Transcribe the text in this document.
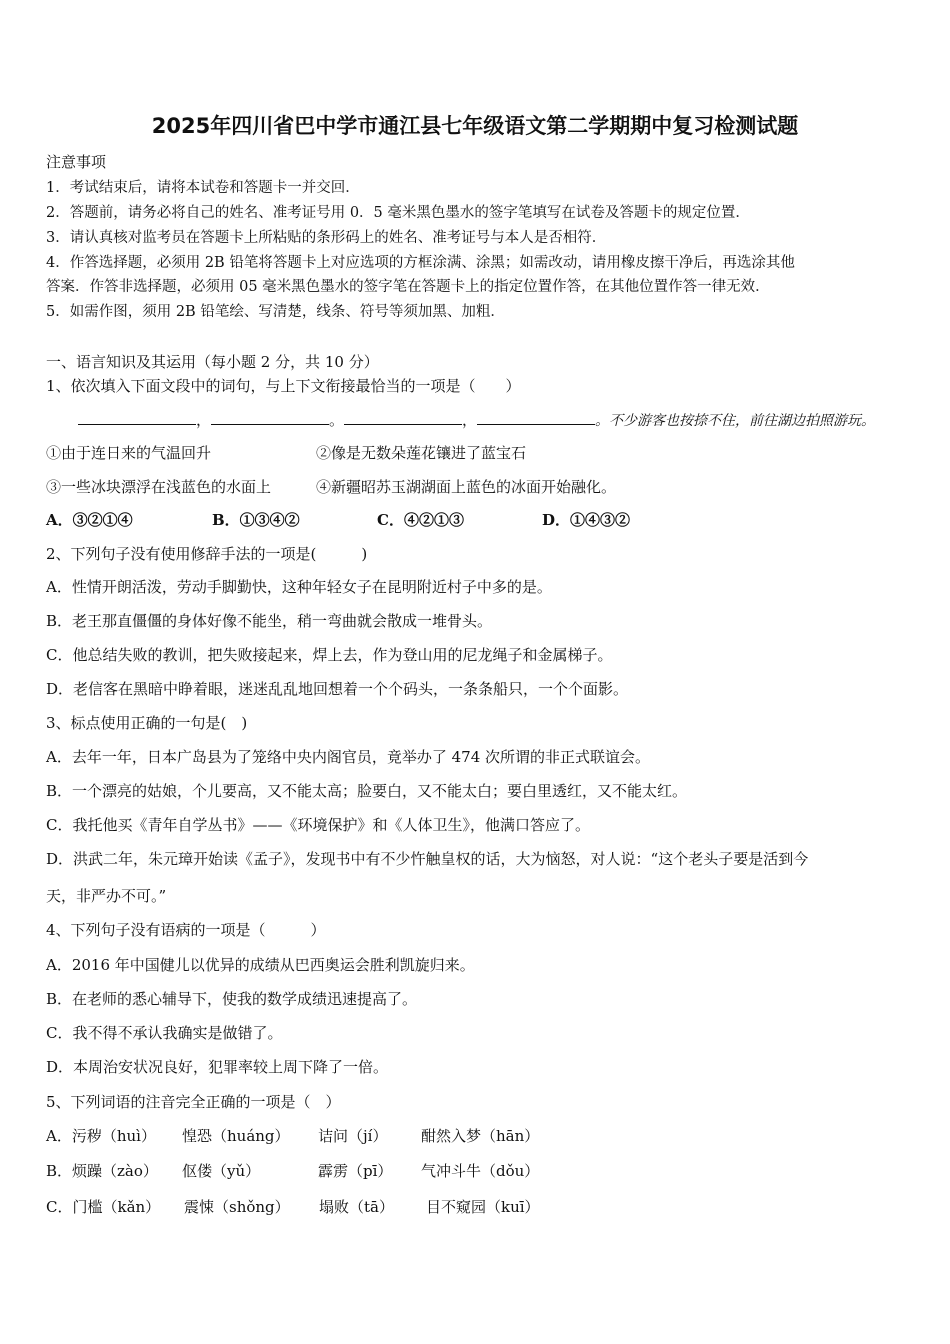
2025年四川省巴中学市通江县七年级语文第二学期期中复习检测试题
注意事项
1．考试结束后，请将本试卷和答题卡一并交回．
2．答题前，请务必将自己的姓名、准考证号用 0．5 毫米黑色墨水的签字笔填写在试卷及答题卡的规定位置．
3．请认真核对监考员在答题卡上所粘贴的条形码上的姓名、准考证号与本人是否相符．
4．作答选择题，必须用 2B 铅笔将答题卡上对应选项的方框涂满、涂黑；如需改动，请用橡皮擦干净后，再选涂其他
答案．作答非选择题，必须用 05 毫米黑色墨水的签字笔在答题卡上的指定位置作答，在其他位置作答一律无效．
5．如需作图，须用 2B 铅笔绘、写清楚，线条、符号等须加黑、加粗．
一、语言知识及其运用（每小题 2 分，共 10 分）
1、依次填入下面文段中的词句，与上下文衔接最恰当的一项是（　　）
，	。	，	。不少游客也按捺不住，前往湖边拍照游玩。
①由于连日来的气温回升	②像是无数朵莲花镶进了蓝宝石
③一些冰块漂浮在浅蓝色的水面上	④新疆昭苏玉湖湖面上蓝色的冰面开始融化。
A．③②①④	B．①③④②	C．④②①③	D．①④③②
2、下列句子没有使用修辞手法的一项是(　　　)
A．性情开朗活泼，劳动手脚勤快，这种年轻女子在昆明附近村子中多的是。
B．老王那直僵僵的身体好像不能坐，稍一弯曲就会散成一堆骨头。
C．他总结失败的教训，把失败接起来，焊上去，作为登山用的尼龙绳子和金属梯子。
D．老信客在黑暗中睁着眼，迷迷乱乱地回想着一个个码头，一条条船只，一个个面影。
3、标点使用正确的一句是(　)
A．去年一年，日本广岛县为了笼络中央内阁官员，竟举办了 474 次所谓的非正式联谊会。
B．一个漂亮的姑娘，个儿要高，又不能太高；脸要白，又不能太白；要白里透红，又不能太红。
C．我托他买《青年自学丛书》——《环境保护》和《人体卫生》，他满口答应了。
D．洪武二年，朱元璋开始读《孟子》，发现书中有不少忤触皇权的话，大为恼怒，对人说：“这个老头子要是活到今
天，非严办不可。”
4、下列句子没有语病的一项是（　　　）
A．2016 年中国健儿以优异的成绩从巴西奥运会胜利凯旋归来。
B．在老师的悉心辅导下，使我的数学成绩迅速提高了。
C．我不得不承认我确实是做错了。
D．本周治安状况良好，犯罪率较上周下降了一倍。
5、下列词语的注音完全正确的一项是（　）
A．污秽（huì） 惶恐（huáng） 诘问（jí） 酣然入梦（hān）
B．烦躁（zào） 伛偻（yǔ）	霹雳（pī） 气冲斗牛（dǒu）
C．门槛（kǎn） 震悚（shǒng） 塌败（tā） 目不窥园（kuī）
